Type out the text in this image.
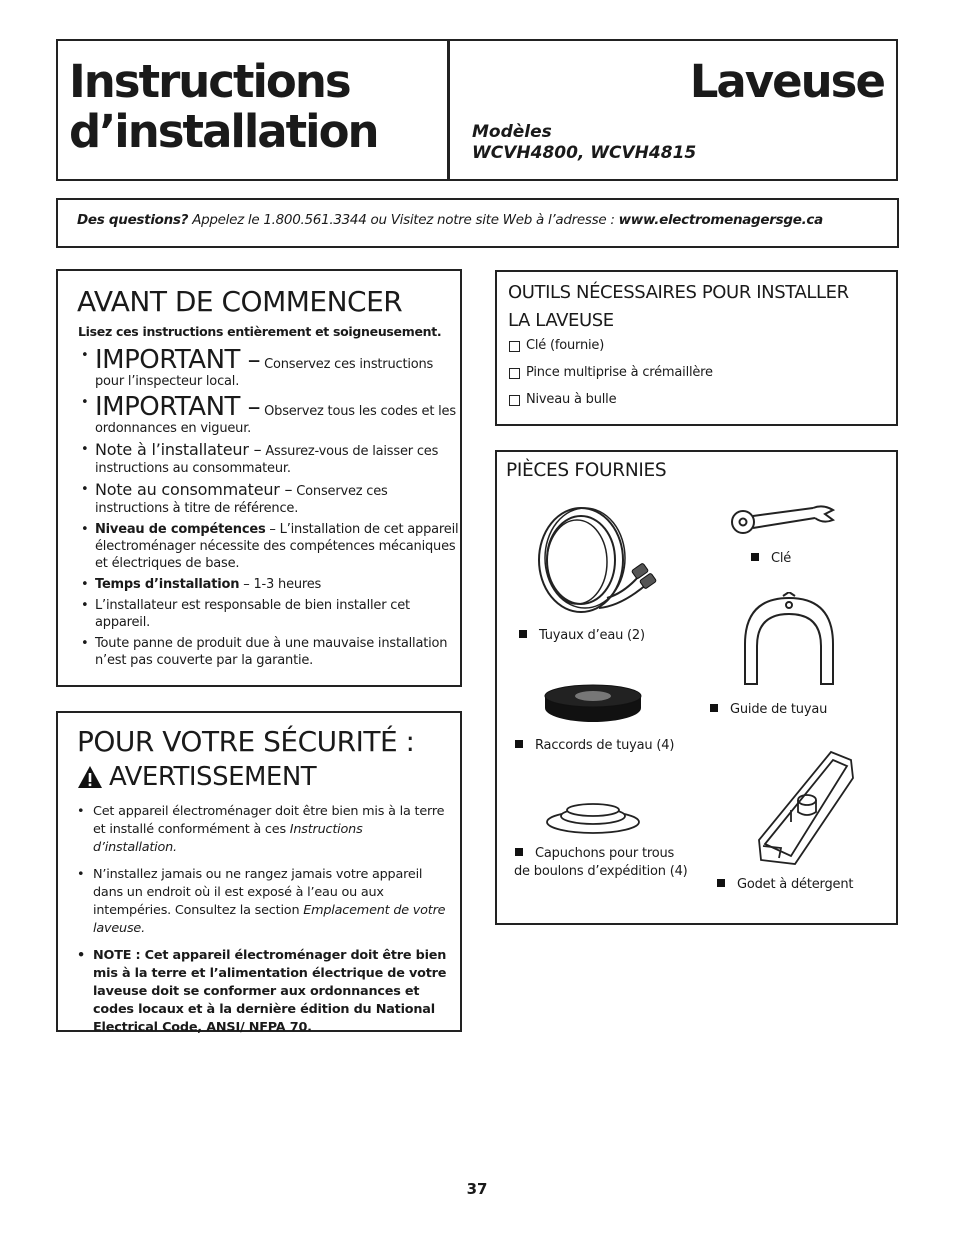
Instructions
d’installation
Laveuse
Modèles
WCVH4800, WCVH4815

Des questions? Appelez le 1.800.561.3344 ou Visitez notre site Web à l’adresse : www.electromenagersge.ca

AVANT DE COMMENCER

Lisez ces instructions entièrement et soigneusement.

• IMPORTANT – Conservez ces instructions pour l’inspecteur local.
• IMPORTANT – Observez tous les codes et les ordonnances en vigueur.
• Note à l’installateur – Assurez-vous de laisser ces instructions au consommateur.
• Note au consommateur – Conservez ces instructions à titre de référence.
• Niveau de compétences – L’installation de cet appareil électroménager nécessite des compétences mécaniques et électriques de base.
• Temps d’installation – 1-3 heures
• L’installateur est responsable de bien installer cet appareil.
• Toute panne de produit due à une mauvaise installation n’est pas couverte par la garantie.
POUR VOTRE SÉCURITÉ :
AVERTISSEMENT
• Cet appareil électroménager doit être bien mis à la terre et installé conformément à ces Instructions d’installation.
• N’installez jamais ou ne rangez jamais votre appareil dans un endroit où il est exposé à l’eau ou aux intempéries. Consultez la section Emplacement de votre laveuse.
• NOTE : Cet appareil électroménager doit être bien mis à la terre et l’alimentation électrique de votre laveuse doit se conformer aux ordonnances et codes locaux et à la dernière édition du National Electrical Code, ANSI/ NFPA 70.
OUTILS NÉCESSAIRES POUR INSTALLER
LA LAVEUSE
Clé (fournie)
Pince multiprise à crémaillère
Niveau à bulle
PIÈCES FOURNIES
Clé
Tuyaux d’eau (2)
Guide de tuyau
Raccords de tuyau (4)
Capuchons pour trous
de boulons d’expédition (4)
Godet à détergent
37
